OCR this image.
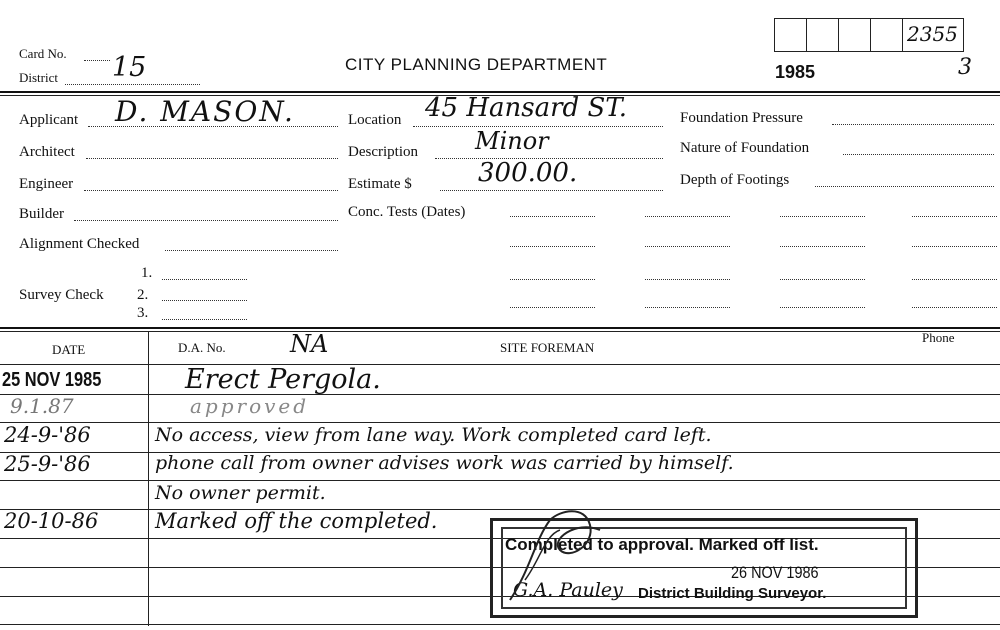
Card No.
District 15	CITY PLANNING DEPARTMENT	1985
2355
3
Applicant D. MASON.
Architect
Engineer
Builder
Alignment Checked
Survey Check
1.
2.
3.
Location 45 Hansard ST.
Description Minor
Estimate $	300.00.
Conc. Tests (Dates)
Foundation Pressure
Nature of Foundation
Depth of Footings
DATE	D.A. No.	NA	SITE FOREMAN
Phone
25 NOV 1985	Erect Pergola.
9.1.87	approved
24-9-'86	No access, view from lane way. Work completed card left.
25-9-'86	phone call from owner advises work was carried by himself.
No owner permit.
20-10-86	Marked off the completed.
Completed to approval. Marked off list.
26 NOV 1986
G.A. Pauley District Building Surveyor.
